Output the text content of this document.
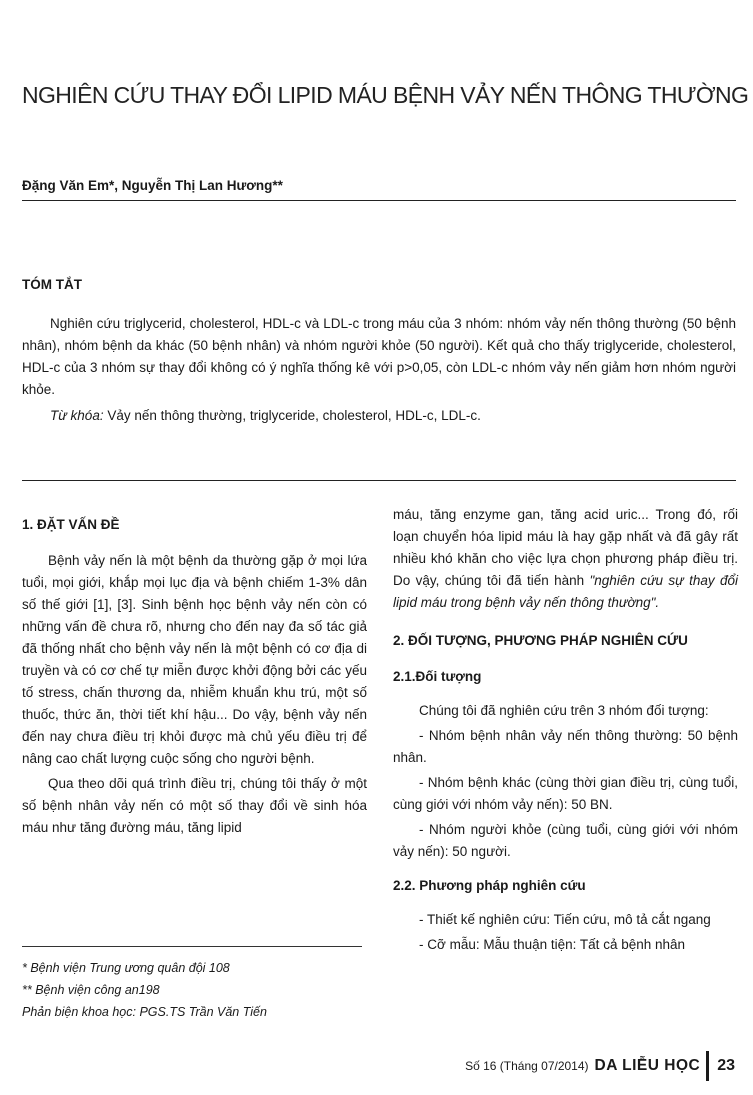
NGHIÊN CỨU THAY ĐỔI LIPID MÁU BỆNH VẢY NẾN THÔNG THƯỜNG
Đặng Văn Em*, Nguyễn Thị Lan Hương**
TÓM TẮT

Nghiên cứu triglycerid, cholesterol, HDL-c và LDL-c trong máu của 3 nhóm: nhóm vảy nến thông thường (50 bệnh nhân), nhóm bệnh da khác (50 bệnh nhân) và nhóm người khỏe (50 người). Kết quả cho thấy triglyceride, cholesterol, HDL-c của 3 nhóm sự thay đổi không có ý nghĩa thống kê với p>0,05, còn LDL-c nhóm vảy nến giảm hơn nhóm người khỏe.

Từ khóa: Vảy nến thông thường, triglyceride, cholesterol, HDL-c, LDL-c.

1. ĐẶT VẤN ĐỀ

Bệnh vảy nến là một bệnh da thường gặp ở mọi lứa tuổi, mọi giới, khắp mọi lục địa và bệnh chiếm 1-3% dân số thế giới [1], [3]. Sinh bệnh học bệnh vảy nến còn có những vấn đề chưa rõ, nhưng cho đến nay đa số tác giả đã thống nhất cho bệnh vảy nến là một bệnh có cơ địa di truyền và có cơ chế tự miễn được khởi động bởi các yếu tố stress, chấn thương da, nhiễm khuẩn khu trú, một số thuốc, thức ăn, thời tiết khí hậu... Do vậy, bệnh vảy nến đến nay chưa điều trị khỏi được mà chủ yếu điều trị để nâng cao chất lượng cuộc sống cho người bệnh.

Qua theo dõi quá trình điều trị, chúng tôi thấy ở một số bệnh nhân vảy nến có một số thay đổi về sinh hóa máu như tăng đường máu, tăng lipid

máu, tăng enzyme gan, tăng acid uric... Trong đó, rối loạn chuyển hóa lipid máu là hay gặp nhất và đã gây rất nhiều khó khăn cho việc lựa chọn phương pháp điều trị. Do vậy, chúng tôi đã tiến hành "nghiên cứu sự thay đổi lipid máu trong bệnh vảy nến thông thường".

2. ĐỐI TƯỢNG, PHƯƠNG PHÁP NGHIÊN CỨU
2.1.Đối tượng

Chúng tôi đã nghiên cứu trên 3 nhóm đối tượng:

- Nhóm bệnh nhân vảy nến thông thường: 50 bệnh nhân.

- Nhóm bệnh khác (cùng thời gian điều trị, cùng tuổi, cùng giới với nhóm vảy nến): 50 BN.

- Nhóm người khỏe (cùng tuổi, cùng giới với nhóm vảy nến): 50 người.

2.2. Phương pháp nghiên cứu

- Thiết kế nghiên cứu: Tiến cứu, mô tả cắt ngang

- Cỡ mẫu: Mẫu thuận tiện: Tất cả bệnh nhân

* Bệnh viện Trung ương quân đội 108
** Bệnh viện công an198
Phản biện khoa học: PGS.TS Trần Văn Tiến
Số 16 (Tháng 07/2014) DA LIỄU HỌC 23
